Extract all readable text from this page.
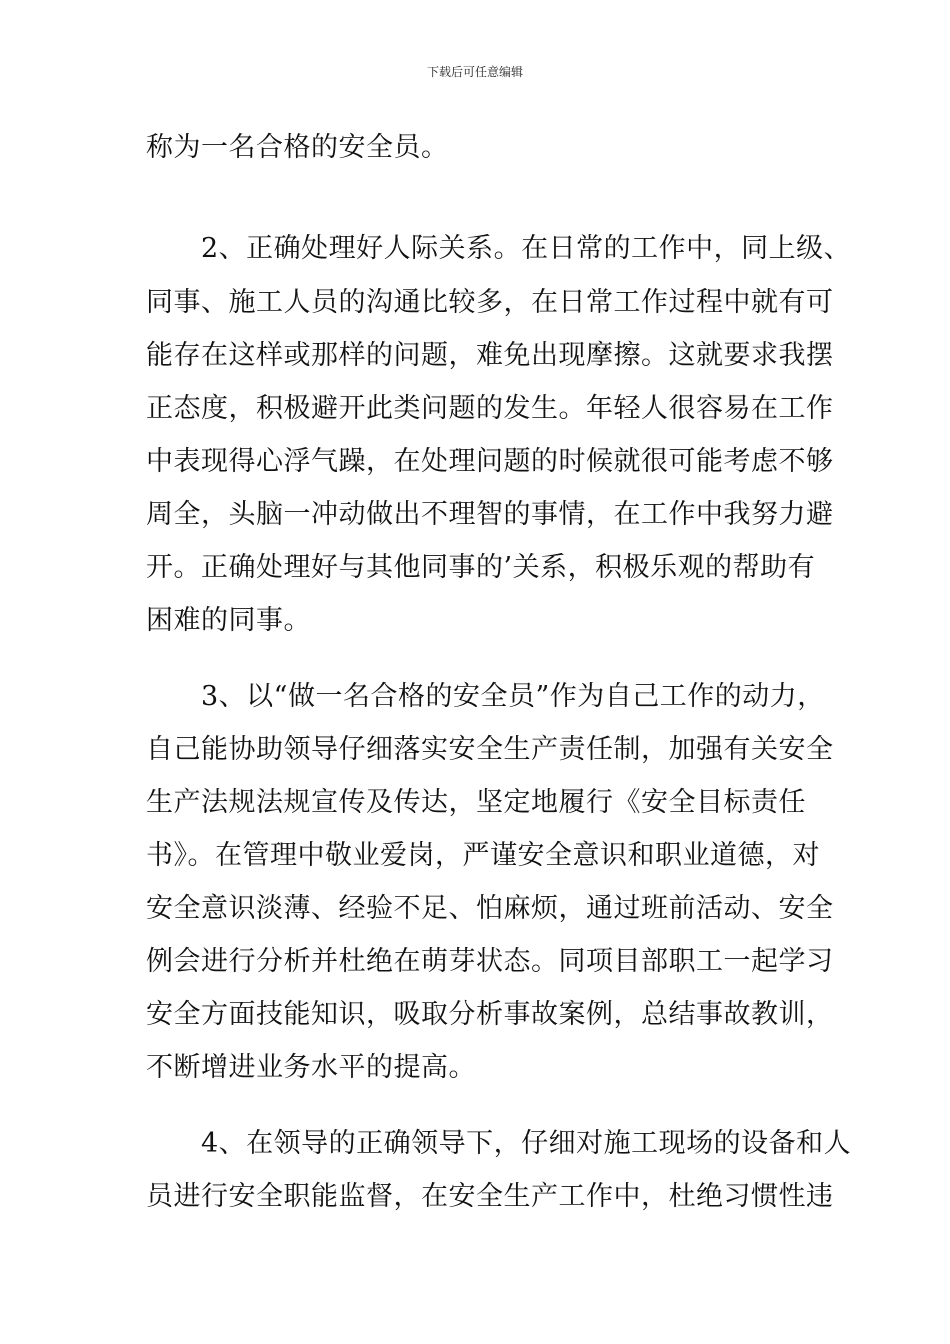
下载后可任意编辑
称为一名合格的安全员。
2、正确处理好人际关系。在日常的工作中，同上级、
同事、施工人员的沟通比较多，在日常工作过程中就有可
能存在这样或那样的问题，难免出现摩擦。这就要求我摆
正态度，积极避开此类问题的发生。年轻人很容易在工作
中表现得心浮气躁，在处理问题的时候就很可能考虑不够
周全，头脑一冲动做出不理智的事情，在工作中我努力避
开。正确处理好与其他同事的’关系，积极乐观的帮助有
困难的同事。
3、以“做一名合格的安全员”作为自己工作的动力，
自己能协助领导仔细落实安全生产责任制，加强有关安全
生产法规法规宣传及传达，坚定地履行《安全目标责任
书》。在管理中敬业爱岗，严谨安全意识和职业道德，对
安全意识淡薄、经验不足、怕麻烦，通过班前活动、安全
例会进行分析并杜绝在萌芽状态。同项目部职工一起学习
安全方面技能知识，吸取分析事故案例，总结事故教训，
不断增进业务水平的提高。
4、在领导的正确领导下，仔细对施工现场的设备和人
员进行安全职能监督，在安全生产工作中，杜绝习惯性违
